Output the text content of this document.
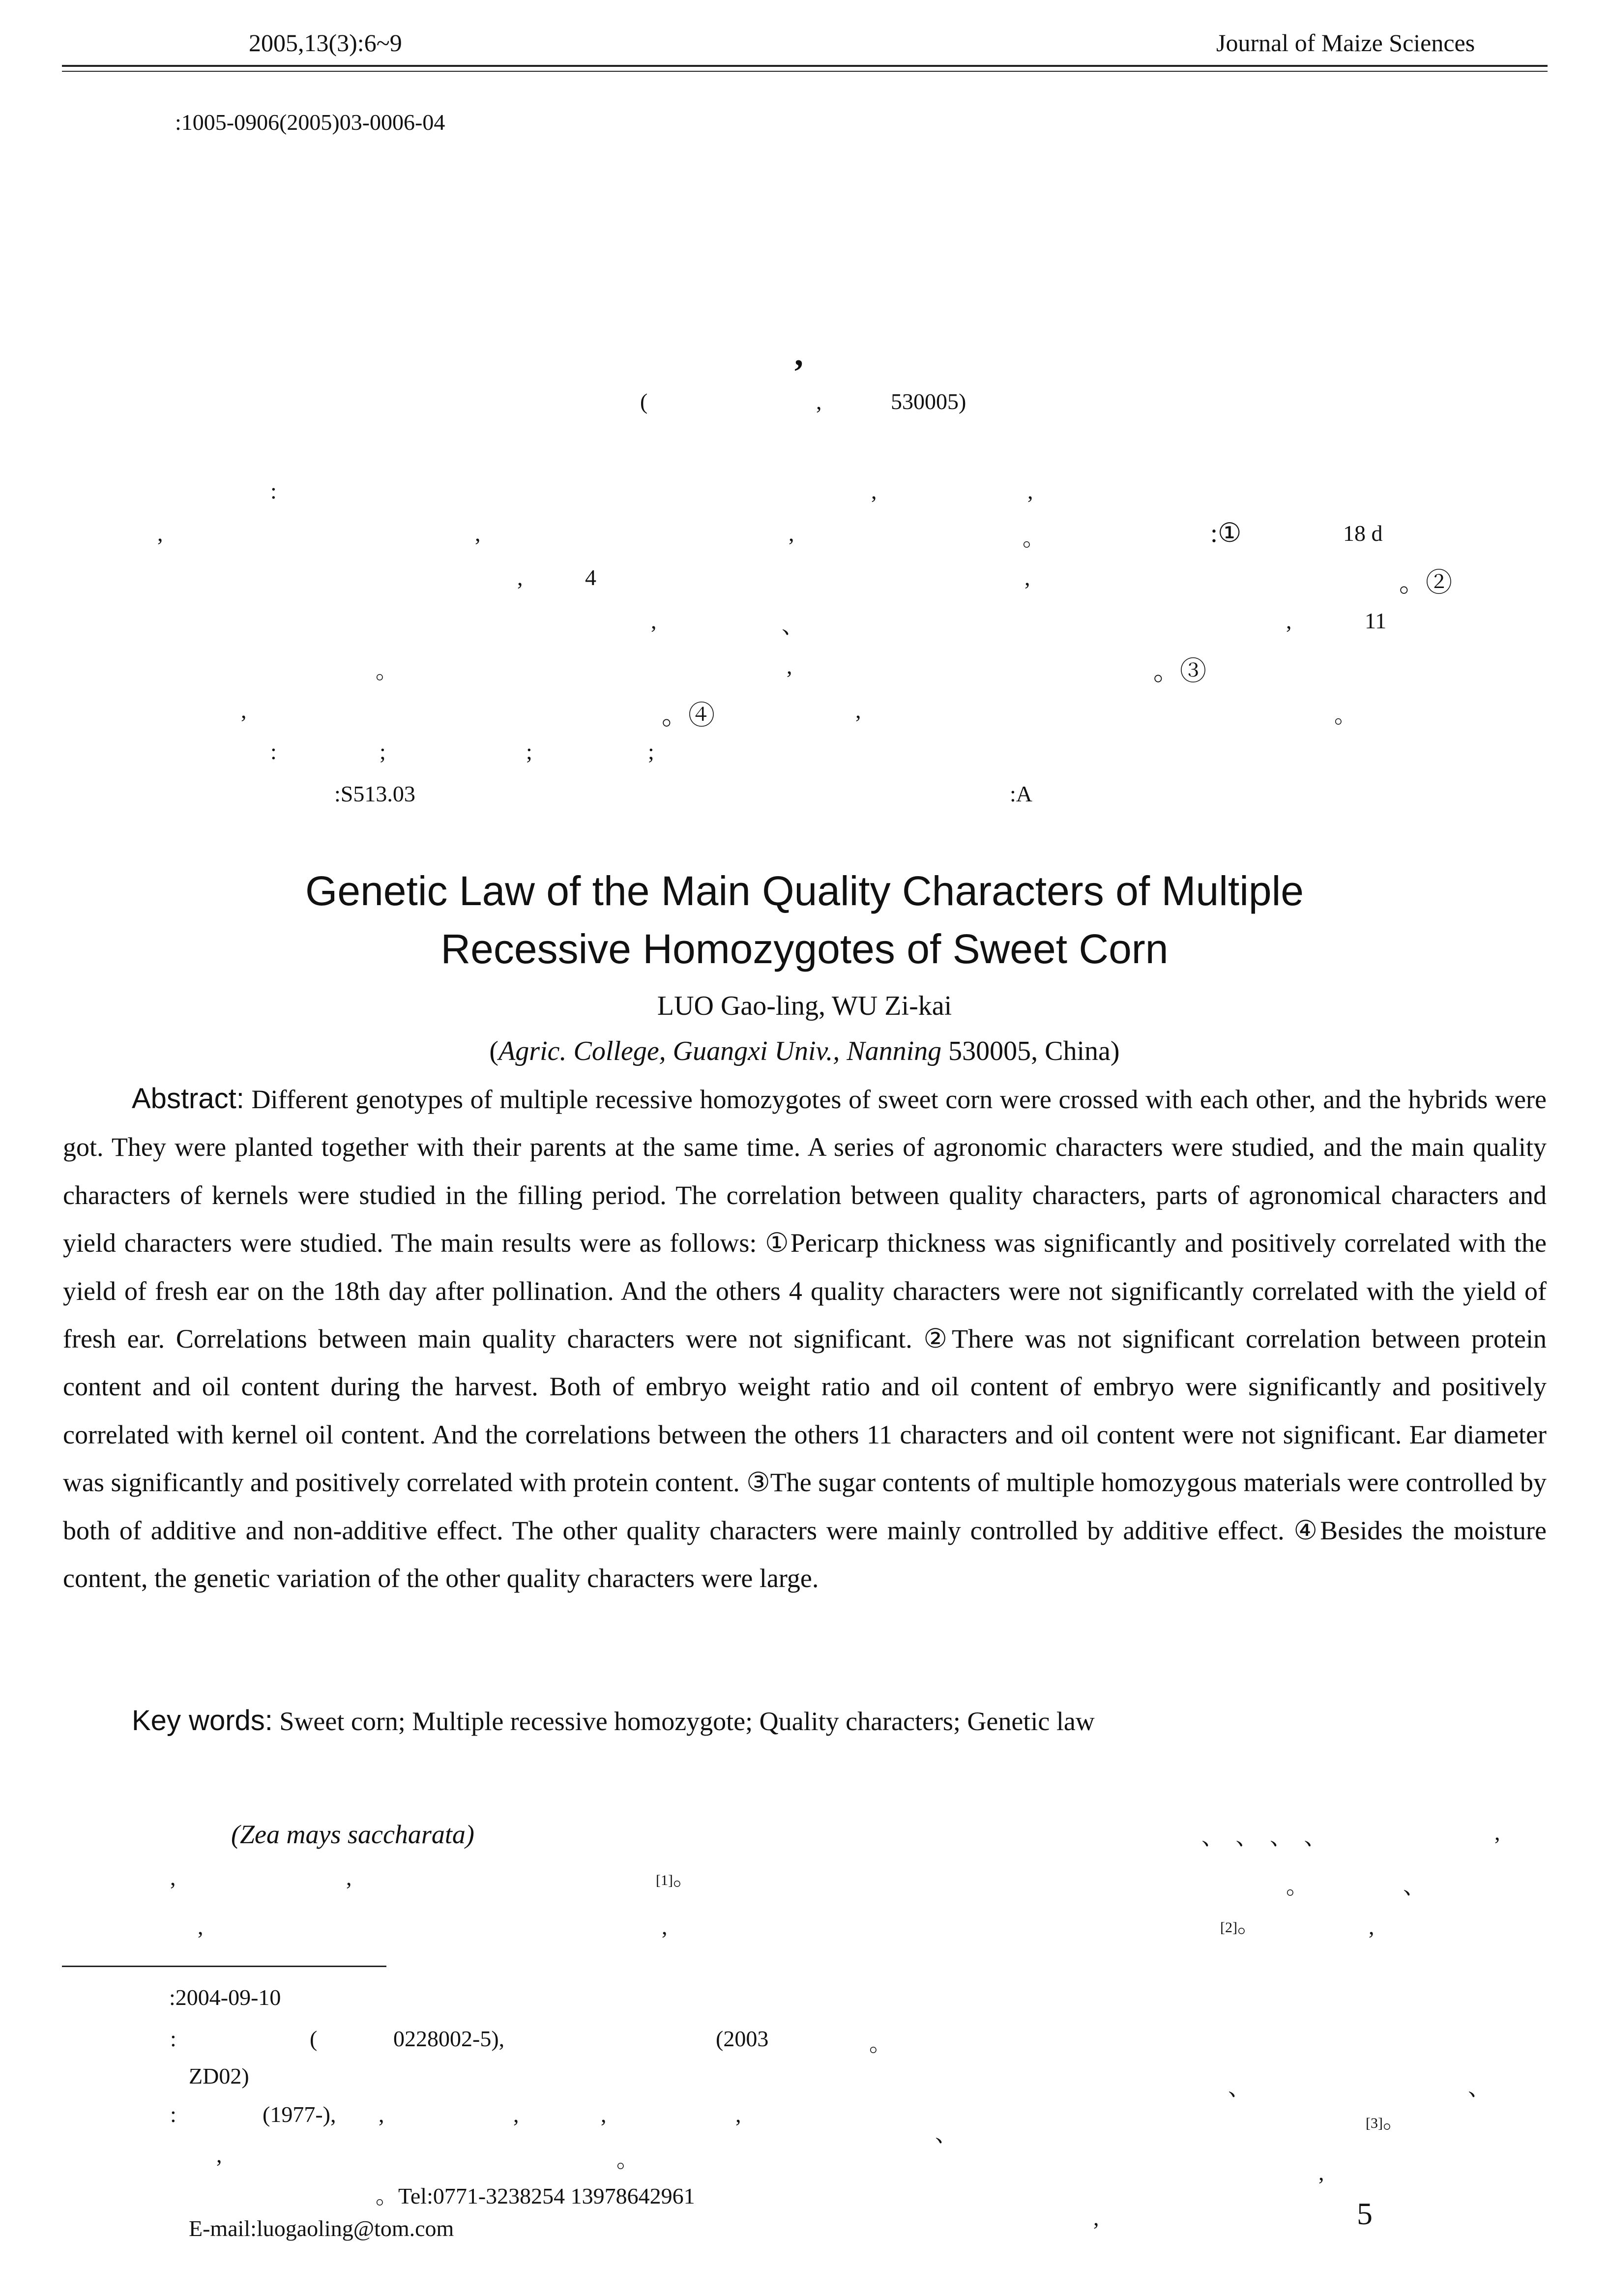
2005,13(3):6~9	Journal of Maize Sciences
:1005-0906(2005)03-0006-04
,
(	,	530005)
:	,	,
,	,	,	。	:①	18 d
,	4	,	。②
,	、	,	11
。	,	。③
,	。④	,	。
:	;	;	;
:S513.03	:A
Genetic Law of the Main Quality Characters of Multiple
Recessive Homozygotes of Sweet Corn
LUO Gao-ling, WU Zi-kai
(Agric. College, Guangxi Univ., Nanning 530005, China)
Abstract: Different genotypes of multiple recessive homozygotes of sweet corn were crossed with each other, and the hybrids were got. They were planted together with their parents at the same time. A series of agronomic characters were studied, and the main quality characters of kernels were studied in the filling period. The correlation between quality characters, parts of agronomical characters and yield characters were studied. The main results were as follows: ①Pericarp thickness was significantly and positively correlated with the yield of fresh ear on the 18th day after pollination. And the others 4 quality characters were not significantly correlated with the yield of fresh ear. Correlations between main quality characters were not significant. ②There was not significant correlation between protein content and oil content during the harvest. Both of embryo weight ratio and oil content of embryo were significantly and positively correlated with kernel oil content. And the correlations between the others 11 characters and oil content were not significant. Ear diameter was significantly and positively correlated with protein content. ③The sugar contents of multiple homozygous materials were controlled by both of additive and non-additive effect. The other quality characters were mainly controlled by additive effect. ④Besides the moisture content, the genetic variation of the other quality characters were large.
Key words: Sweet corn; Multiple recessive homozygote; Quality characters; Genetic law
(Zea mays saccharata)
,	,	[1]。
,	,
、 、 、 、	,
。	、
[2]。	,
、	、
、	[3]。
,
,
:2004-09-10
:	(	0228002-5),	(2003	。
ZD02)
:	(1977-), ,	,	,	,
,	。
。Tel:0771-3238254 13978642961
E-mail:luogaoling@tom.com	5
